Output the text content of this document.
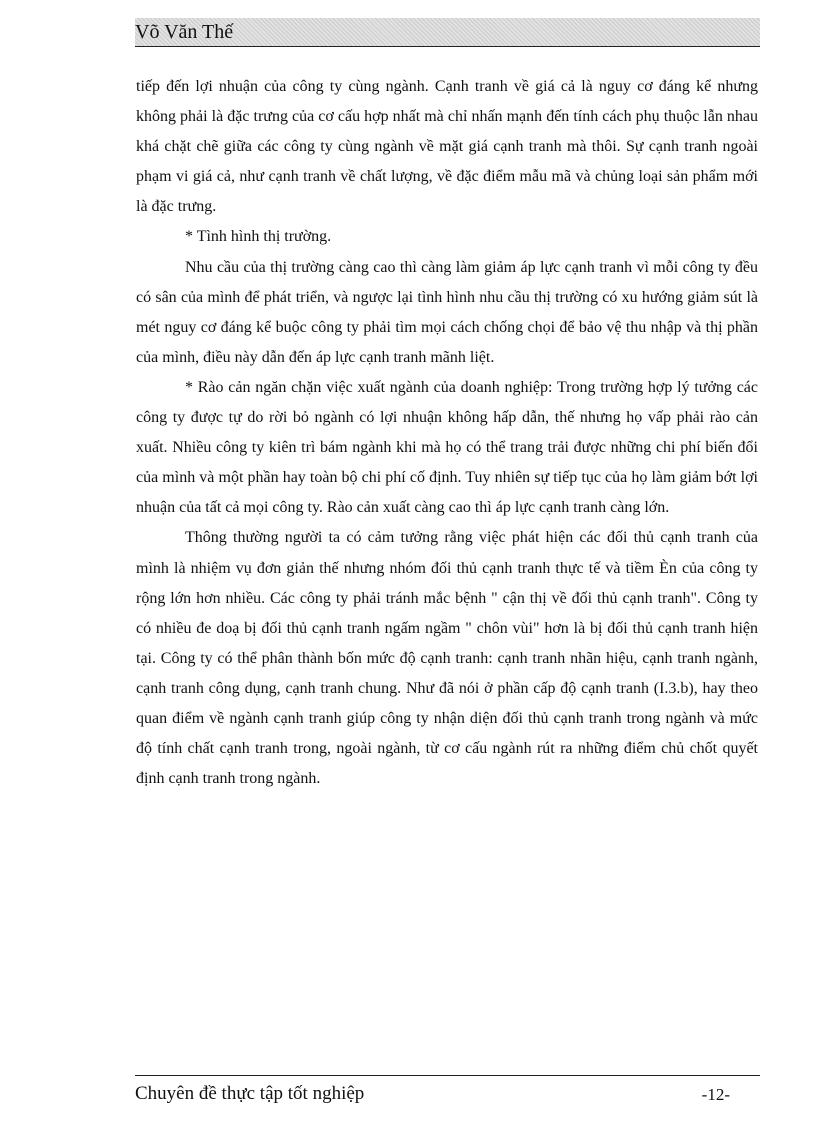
Võ Văn Thế

tiếp đến lợi nhuận của công ty cùng ngành. Cạnh tranh về giá cả là nguy cơ đáng kể nhưng không phải là đặc trưng của cơ cấu hợp nhất mà chỉ nhấn mạnh đến tính cách phụ thuộc lẫn nhau khá chặt chẽ giữa các công ty cùng ngành về mặt giá cạnh tranh mà thôi. Sự cạnh tranh ngoài phạm vi giá cả, như cạnh tranh về chất lượng, về đặc điểm mẫu mã và chủng loại sản phẩm mới là đặc trưng.

* Tình hình thị trường.

Nhu cầu của thị trường càng cao thì càng làm giảm áp lực cạnh tranh vì mỗi công ty đều có sân của mình để phát triển, và ngược lại tình hình nhu cầu thị trường có xu hướng giảm sút là mét nguy cơ đáng kể buộc công ty phải tìm mọi cách chống chọi để bảo vệ thu nhập và thị phần của mình, điều này dẫn đến áp lực cạnh tranh mãnh liệt.

* Rào cản ngăn chặn việc xuất ngành của doanh nghiệp: Trong trường hợp lý tưởng các công ty được tự do rời bỏ ngành có lợi nhuận không hấp dẫn, thế nhưng họ vấp phải rào cản xuất. Nhiều công ty kiên trì bám ngành khi mà họ có thể trang trải được những chi phí biến đổi của mình và một phần hay toàn bộ chi phí cố định. Tuy nhiên sự tiếp tục của họ làm giảm bớt lợi nhuận của tất cả mọi công ty. Rào cản xuất càng cao thì áp lực cạnh tranh càng lớn.

Thông thường người ta có cảm tưởng rằng việc phát hiện các đối thủ cạnh tranh của mình là nhiệm vụ đơn giản thế nhưng nhóm đối thủ cạnh tranh thực tế và tiềm Èn của công ty rộng lớn hơn nhiều. Các công ty phải tránh mắc bệnh " cận thị về đối thủ cạnh tranh". Công ty có nhiều đe doạ bị đối thủ cạnh tranh ngấm ngầm " chôn vùi" hơn là bị đối thủ cạnh tranh hiện tại. Công ty có thể phân thành bốn mức độ cạnh tranh: cạnh tranh nhãn hiệu, cạnh tranh ngành, cạnh tranh công dụng, cạnh tranh chung. Như đã nói ở phần cấp độ cạnh tranh (I.3.b), hay theo quan điểm về ngành cạnh tranh giúp công ty nhận diện đối thủ cạnh tranh trong ngành và mức độ tính chất cạnh tranh trong, ngoài ngành, từ cơ cấu ngành rút ra những điểm chủ chốt quyết định cạnh tranh trong ngành.

Chuyên đề thực tập tốt nghiệp	-12-
